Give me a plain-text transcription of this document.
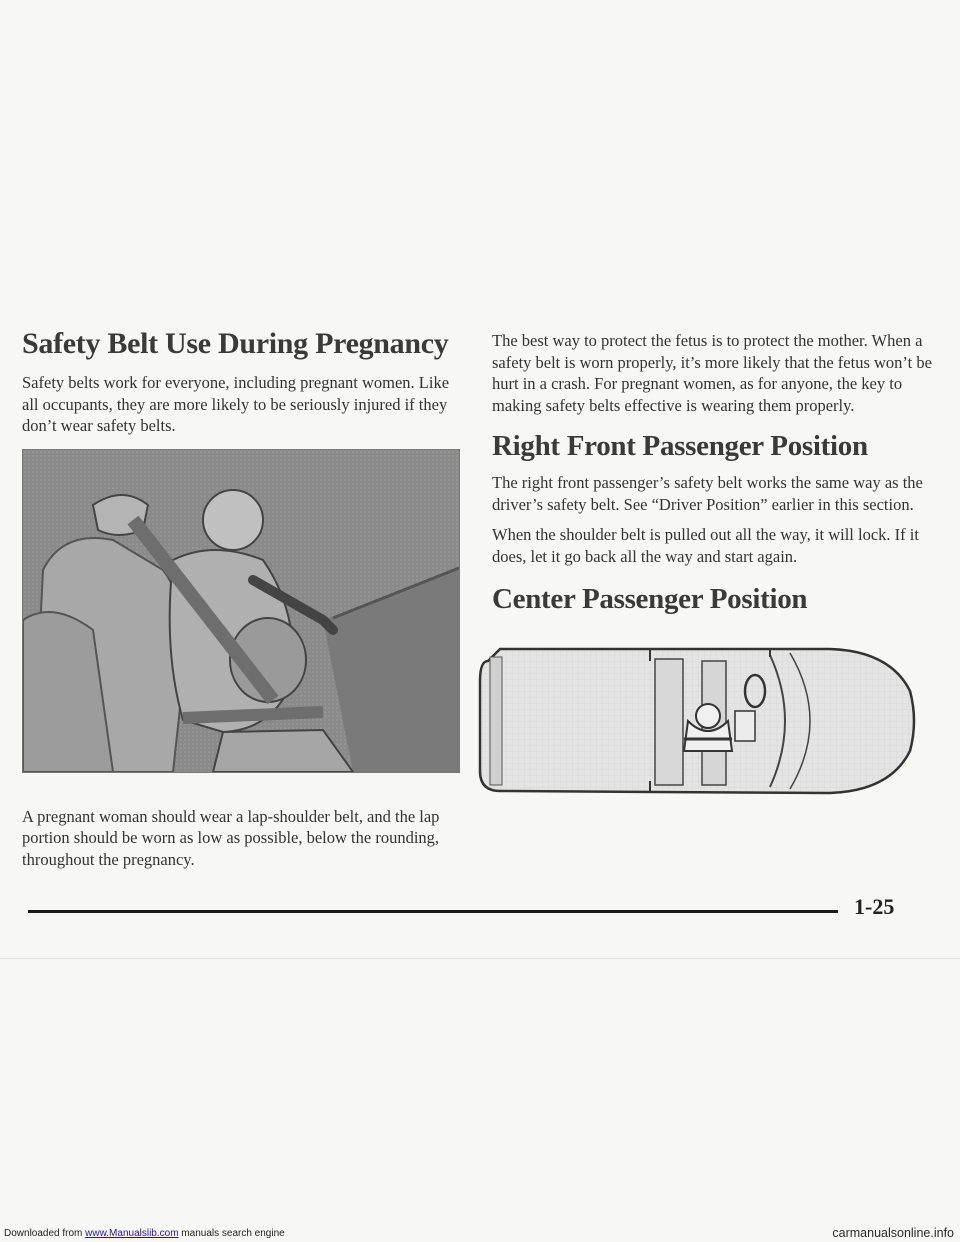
Safety Belt Use During Pregnancy

Safety belts work for everyone, including pregnant women. Like all occupants, they are more likely to be seriously injured if they don’t wear safety belts.

A pregnant woman should wear a lap-shoulder belt, and the lap portion should be worn as low as possible, below the rounding, throughout the pregnancy.

The best way to protect the fetus is to protect the mother. When a safety belt is worn properly, it’s more likely that the fetus won’t be hurt in a crash. For pregnant women, as for anyone, the key to making safety belts effective is wearing them properly.

Right Front Passenger Position

The right front passenger’s safety belt works the same way as the driver’s safety belt. See “Driver Position” earlier in this section.

When the shoulder belt is pulled out all the way, it will lock. If it does, let it go back all the way and start again.

Center Passenger Position
1-25
Downloaded from www.Manualslib.com manuals search engine	carmanualsonline.info
